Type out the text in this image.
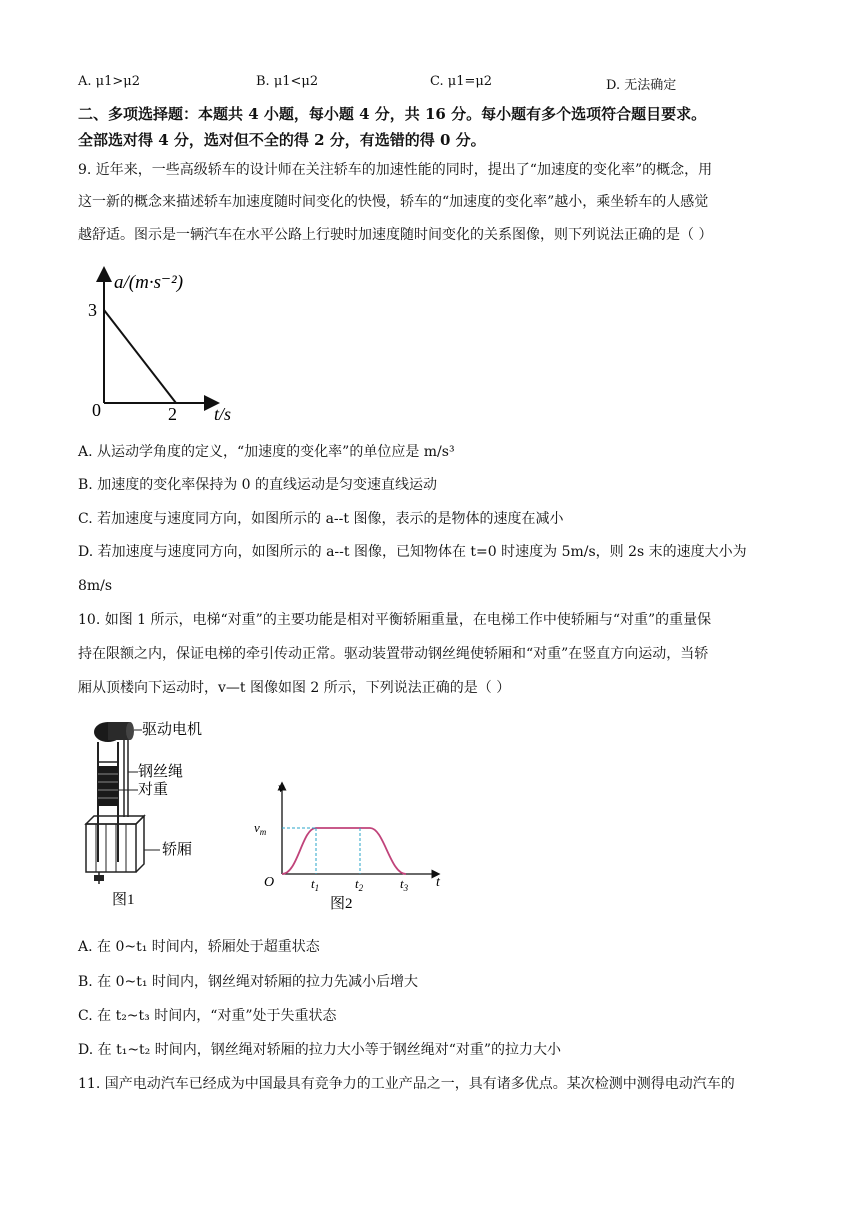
A. μ1>μ2	B. μ1<μ2	C. μ1=μ2	D. 无法确定
二、多项选择题：本题共 4 小题，每小题 4 分，共 16 分。每小题有多个选项符合题目要求。
全部选对得 4 分，选对但不全的得 2 分，有选错的得 0 分。
9. 近年来，一些高级轿车的设计师在关注轿车的加速性能的同时，提出了“加速度的变化率”的概念，用
这一新的概念来描述轿车加速度随时间变化的快慢，轿车的“加速度的变化率”越小，乘坐轿车的人感觉
越舒适。图示是一辆汽车在水平公路上行驶时加速度随时间变化的关系图像，则下列说法正确的是（ ）
a/(m·s⁻²)
3
0	2 t/s
A. 从运动学角度的定义，“加速度的变化率”的单位应是 m/s³
B. 加速度的变化率保持为 0 的直线运动是匀变速直线运动
C. 若加速度与速度同方向，如图所示的 a--t 图像，表示的是物体的速度在减小
D. 若加速度与速度同方向，如图所示的 a--t 图像，已知物体在 t=0 时速度为 5m/s，则 2s 末的速度大小为
8m/s
10. 如图 1 所示，电梯“对重”的主要功能是相对平衡轿厢重量，在电梯工作中使轿厢与“对重”的重量保
持在限额之内，保证电梯的牵引传动正常。驱动装置带动钢丝绳使轿厢和“对重”在竖直方向运动，当轿
厢从顶楼向下运动时，v—t 图像如图 2 所示，下列说法正确的是（ ）
驱动电机
钢丝绳
对重
轿厢
图1
v
$v_m$
O	$t_1$	$t_2$	$t_3$ t
图2
A. 在 0~t₁ 时间内，轿厢处于超重状态
B. 在 0~t₁ 时间内，钢丝绳对轿厢的拉力先减小后增大
C. 在 t₂~t₃ 时间内，“对重”处于失重状态
D. 在 t₁~t₂ 时间内，钢丝绳对轿厢的拉力大小等于钢丝绳对“对重”的拉力大小
11. 国产电动汽车已经成为中国最具有竞争力的工业产品之一，具有诸多优点。某次检测中测得电动汽车的
